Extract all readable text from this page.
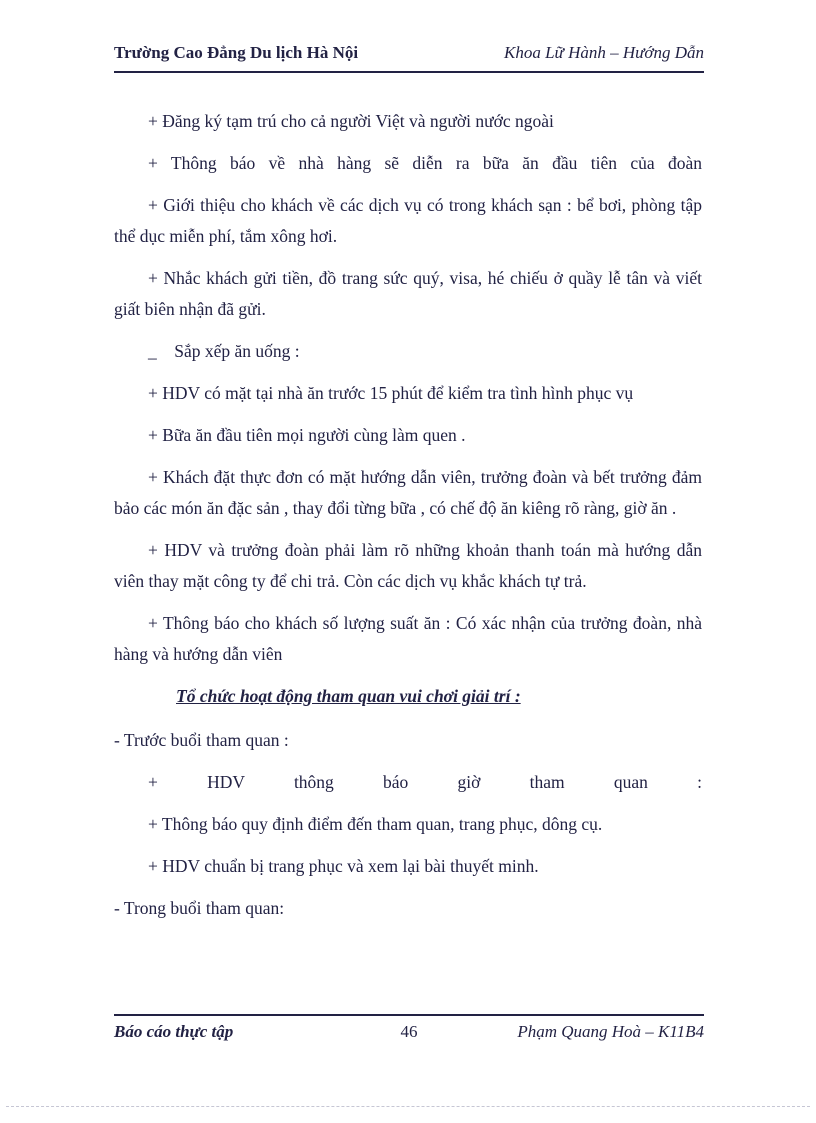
Trường Cao Đẳng Du lịch Hà Nội	Khoa Lữ Hành – Hướng Dẫn

+ Đăng ký tạm trú cho cả người Việt và người nước ngoài

+ Thông báo về nhà hàng sẽ diễn ra bữa ăn đầu tiên của đoàn

+ Giới thiệu cho khách về các dịch vụ có trong khách sạn : bể bơi, phòng tập thể dục miễn phí, tắm xông hơi.

+ Nhắc khách gửi tiền, đồ trang sức quý, visa, hé chiếu ở quầy lễ tân và viết giất biên nhận đã gửi.

_ Sắp xếp ăn uống :

+ HDV có mặt tại nhà ăn trước 15 phút để kiểm tra tình hình phục vụ

+ Bữa ăn đầu tiên mọi người cùng làm quen .

+ Khách đặt thực đơn có mặt hướng dẫn viên, trưởng đoàn và bết trưởng đảm bảo các món ăn đặc sản , thay đổi từng bữa , có chế độ ăn kiêng rõ ràng, giờ ăn .

+ HDV và trưởng đoàn phải làm rõ những khoản thanh toán mà hướng dẫn viên thay mặt công ty để chi trả. Còn các dịch vụ khắc khách tự trả.

+ Thông báo cho khách số lượng suất ăn : Có xác nhận của trưởng đoàn, nhà hàng và hướng dẫn viên

Tổ chức hoạt động tham quan vui chơi giải trí :

- Trước buổi tham quan :

+ HDV thông báo giờ tham quan :

+ Thông báo quy định điểm đến tham quan, trang phục, dông cụ.

+ HDV chuẩn bị trang phục và xem lại bài thuyết minh.

- Trong buổi tham quan:

Báo cáo thực tập	46	Phạm Quang Hoà – K11B4
